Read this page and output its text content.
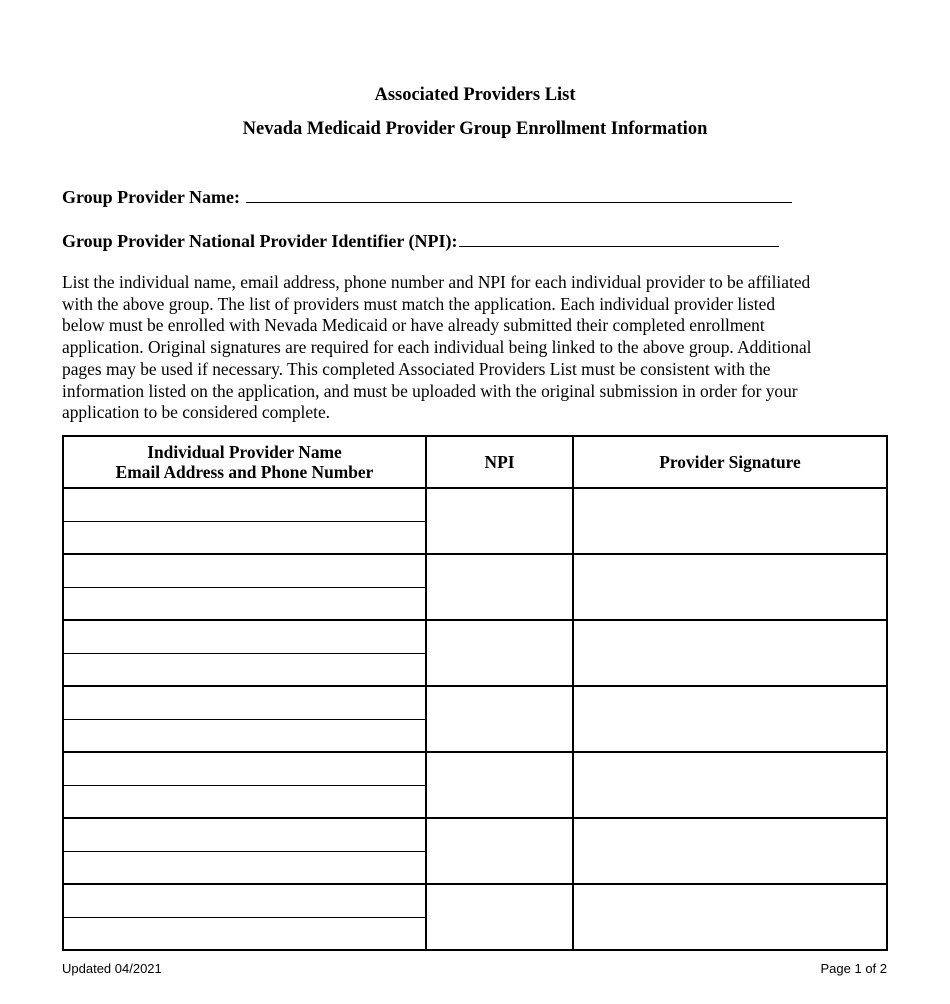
Associated Providers List
Nevada Medicaid Provider Group Enrollment Information
Group Provider Name:
Group Provider National Provider Identifier (NPI):

List the individual name, email address, phone number and NPI for each individual provider to be affiliated
with the above group. The list of providers must match the application. Each individual provider listed
below must be enrolled with Nevada Medicaid or have already submitted their completed enrollment
application. Original signatures are required for each individual being linked to the above group. Additional
pages may be used if necessary. This completed Associated Providers List must be consistent with the
information listed on the application, and must be uploaded with the original submission in order for your
application to be considered complete.

Individual Provider Name
Email Address and Phone Number	NPI	Provider Signature

Updated 04/2021	Page 1 of 2
